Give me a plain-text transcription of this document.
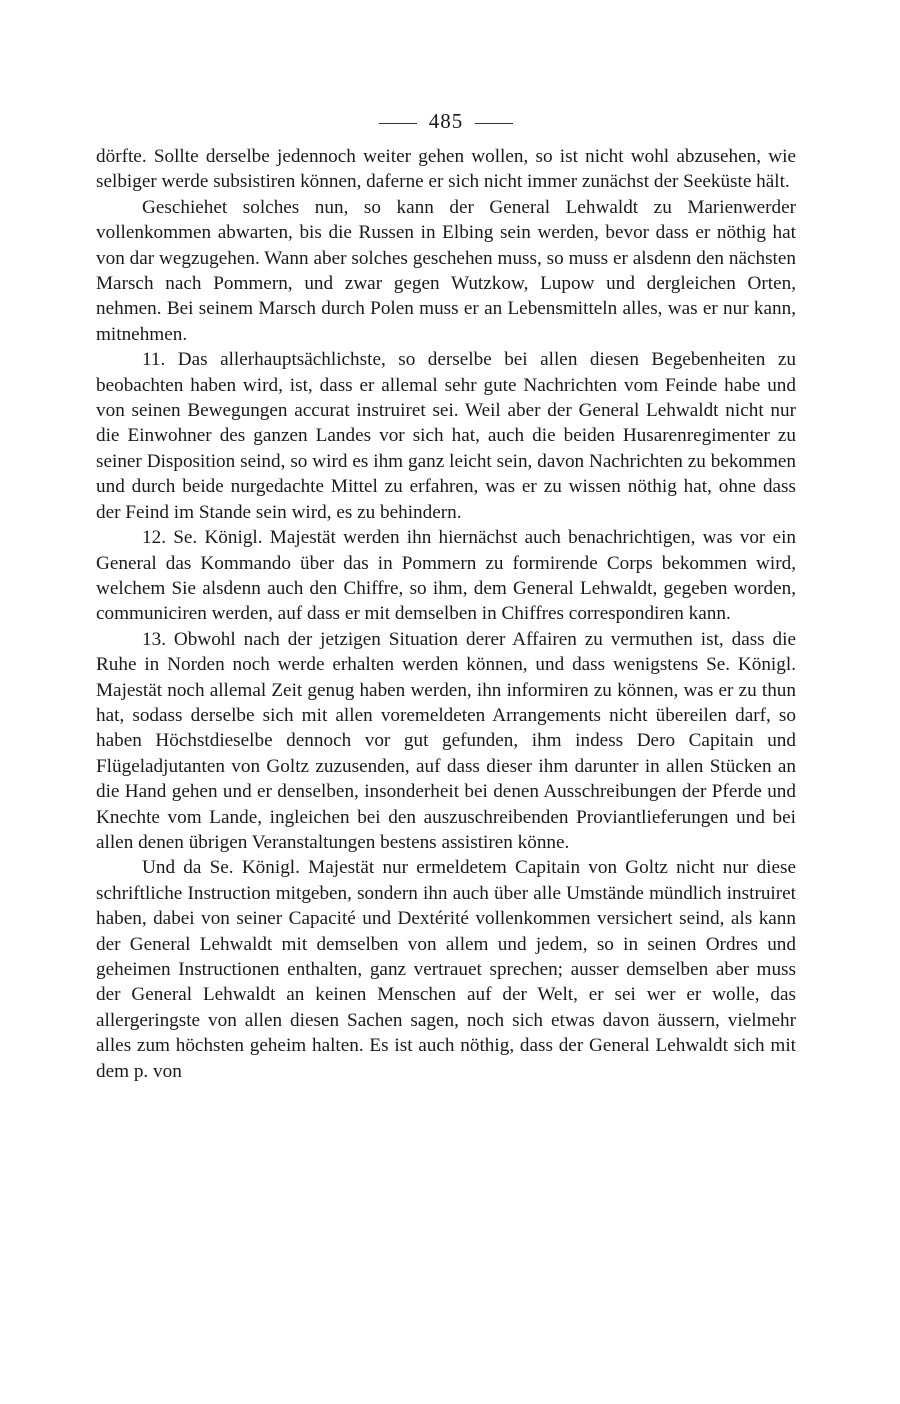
485

dörfte. Sollte derselbe jedennoch weiter gehen wollen, so ist nicht wohl abzusehen, wie selbiger werde subsistiren können, daferne er sich nicht immer zunächst der Seeküste hält.

Geschiehet solches nun, so kann der General Lehwaldt zu Marienwerder vollenkommen abwarten, bis die Russen in Elbing sein werden, bevor dass er nöthig hat von dar wegzugehen. Wann aber solches geschehen muss, so muss er alsdenn den nächsten Marsch nach Pommern, und zwar gegen Wutzkow, Lupow und dergleichen Orten, nehmen. Bei seinem Marsch durch Polen muss er an Lebensmitteln alles, was er nur kann, mitnehmen.

11. Das allerhauptsächlichste, so derselbe bei allen diesen Begebenheiten zu beobachten haben wird, ist, dass er allemal sehr gute Nachrichten vom Feinde habe und von seinen Bewegungen accurat instruiret sei. Weil aber der General Lehwaldt nicht nur die Einwohner des ganzen Landes vor sich hat, auch die beiden Husarenregimenter zu seiner Disposition seind, so wird es ihm ganz leicht sein, davon Nachrichten zu bekommen und durch beide nurgedachte Mittel zu erfahren, was er zu wissen nöthig hat, ohne dass der Feind im Stande sein wird, es zu behindern.

12. Se. Königl. Majestät werden ihn hiernächst auch benachrichtigen, was vor ein General das Kommando über das in Pommern zu formirende Corps bekommen wird, welchem Sie alsdenn auch den Chiffre, so ihm, dem General Lehwaldt, gegeben worden, communiciren werden, auf dass er mit demselben in Chiffres correspondiren kann.

13. Obwohl nach der jetzigen Situation derer Affairen zu vermuthen ist, dass die Ruhe in Norden noch werde erhalten werden können, und dass wenigstens Se. Königl. Majestät noch allemal Zeit genug haben werden, ihn informiren zu können, was er zu thun hat, sodass derselbe sich mit allen voremeldeten Arrangements nicht übereilen darf, so haben Höchstdieselbe dennoch vor gut gefunden, ihm indess Dero Capitain und Flügeladjutanten von Goltz zuzusenden, auf dass dieser ihm darunter in allen Stücken an die Hand gehen und er denselben, insonderheit bei denen Ausschreibungen der Pferde und Knechte vom Lande, ingleichen bei den auszuschreibenden Proviantlieferungen und bei allen denen übrigen Veranstaltungen bestens assistiren könne.

Und da Se. Königl. Majestät nur ermeldetem Capitain von Goltz nicht nur diese schriftliche Instruction mitgeben, sondern ihn auch über alle Umstände mündlich instruiret haben, dabei von seiner Capacité und Dextérité vollenkommen versichert seind, als kann der General Lehwaldt mit demselben von allem und jedem, so in seinen Ordres und geheimen Instructionen enthalten, ganz vertrauet sprechen; ausser demselben aber muss der General Lehwaldt an keinen Menschen auf der Welt, er sei wer er wolle, das allergeringste von allen diesen Sachen sagen, noch sich etwas davon äussern, vielmehr alles zum höchsten geheim halten. Es ist auch nöthig, dass der General Lehwaldt sich mit dem p. von
